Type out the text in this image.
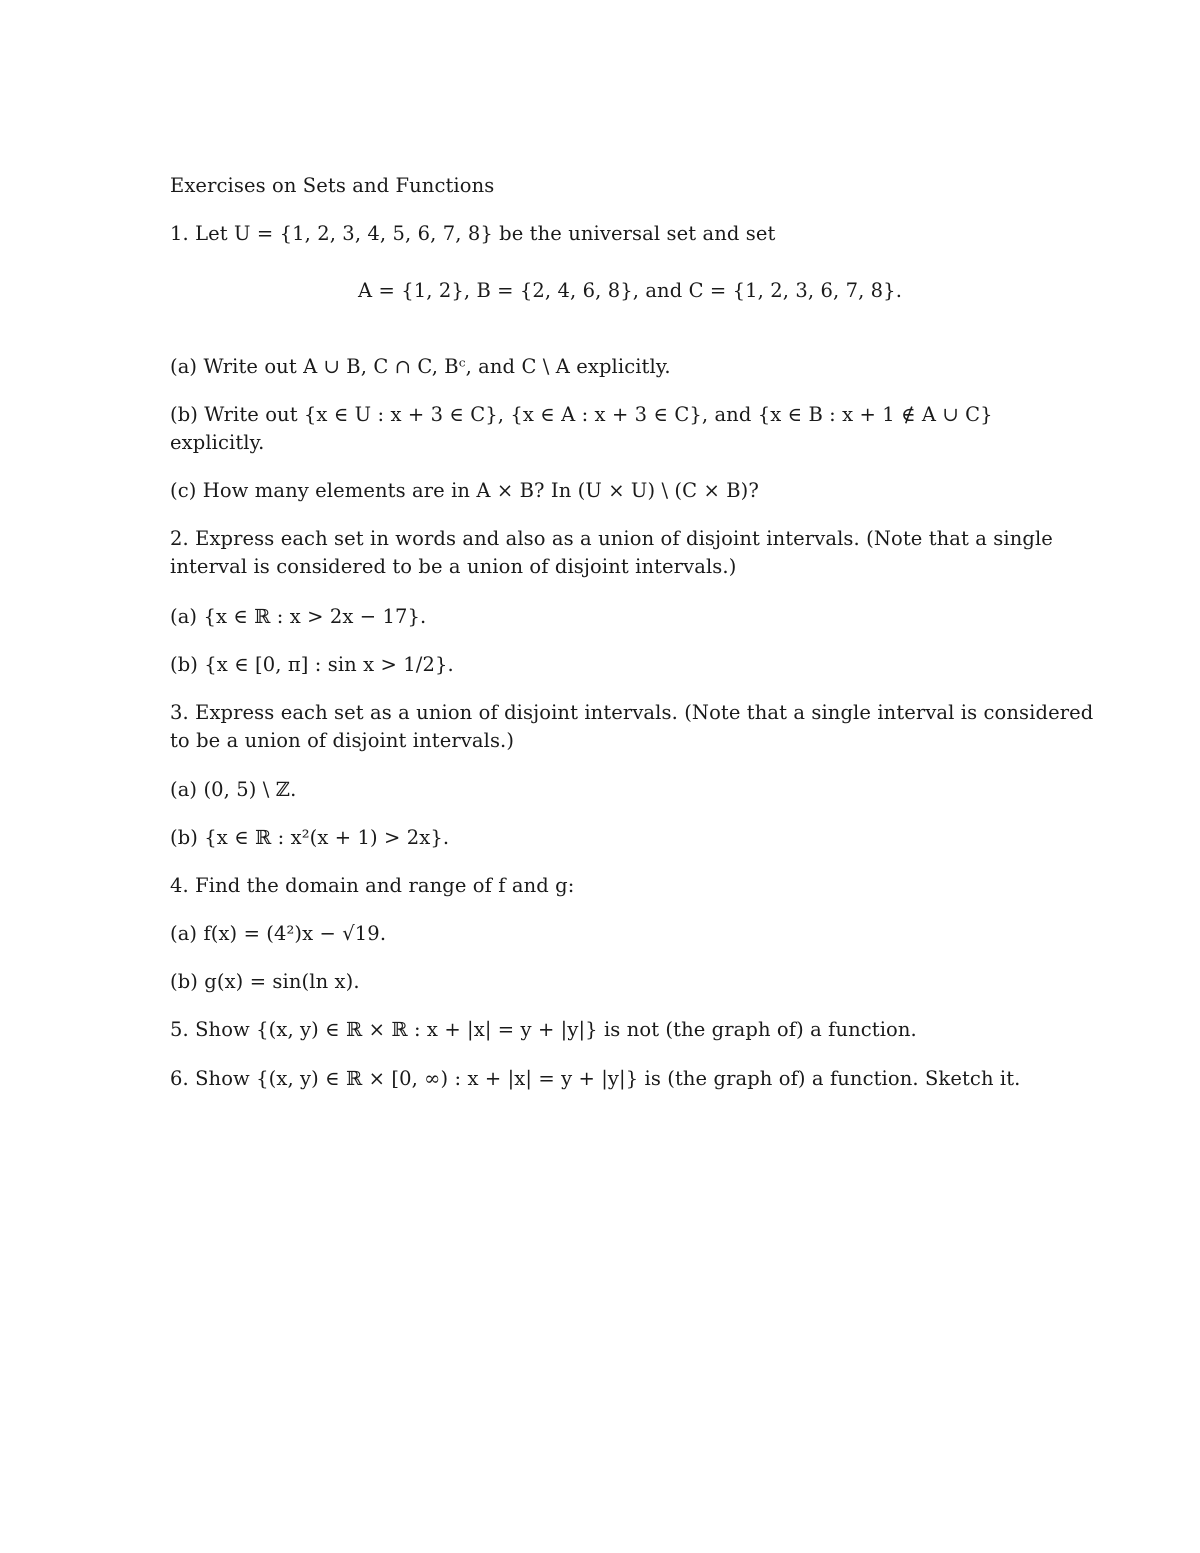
Exercises on Sets and Functions
1. Let U = {1, 2, 3, 4, 5, 6, 7, 8} be the universal set and set
A = {1, 2}, B = {2, 4, 6, 8}, and C = {1, 2, 3, 6, 7, 8}.
(a) Write out A ∪ B, C ∩ C, Bᶜ, and C \ A explicitly.
(b) Write out {x ∈ U : x + 3 ∈ C}, {x ∈ A : x + 3 ∈ C}, and {x ∈ B : x + 1 ∉ A ∪ C}
explicitly.
(c) How many elements are in A × B? In (U × U) \ (C × B)?
2. Express each set in words and also as a union of disjoint intervals. (Note that a single
interval is considered to be a union of disjoint intervals.)
(a) {x ∈ ℝ : x > 2x − 17}.
(b) {x ∈ [0, π] : sin x > 1/2}.
3. Express each set as a union of disjoint intervals. (Note that a single interval is considered
to be a union of disjoint intervals.)
(a) (0, 5) \ ℤ.
(b) {x ∈ ℝ : x²(x + 1) > 2x}.
4. Find the domain and range of f and g:
(a) f(x) = (4²)x − √19.
(b) g(x) = sin(ln x).
5. Show {(x, y) ∈ ℝ × ℝ : x + |x| = y + |y|} is not (the graph of) a function.
6. Show {(x, y) ∈ ℝ × [0, ∞) : x + |x| = y + |y|} is (the graph of) a function. Sketch it.
